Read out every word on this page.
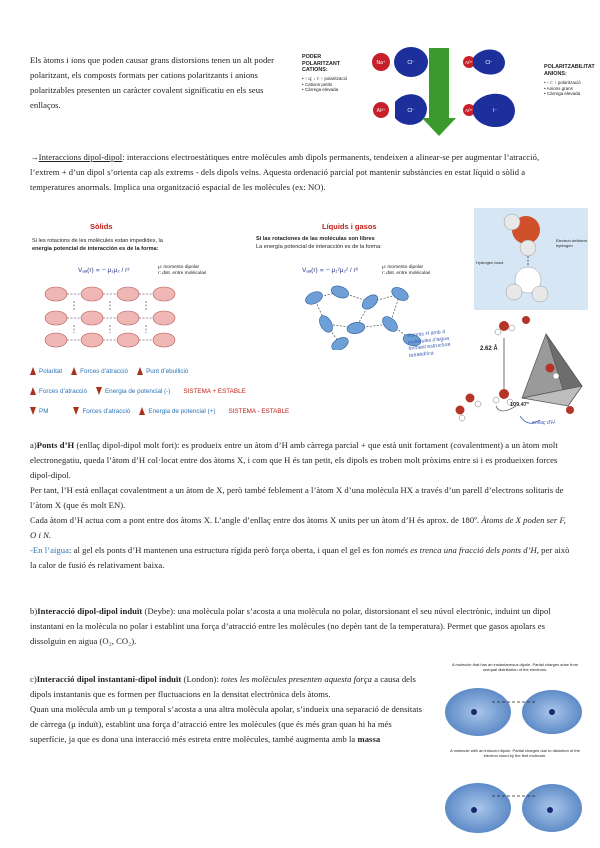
Els àtoms i ions que poden causar grans distorsions tenen un alt poder polaritzant, els composts formats per cations polaritzants i anions polaritzables presenten un caràcter covalent significatiu en els seus enllaços.

PODER POLARITZANT CATIONS:
• ↑ q; ↓ r: ↑ polarització
• Cations petits
• Càrrega elevada
Na⁺	Cl⁻
Al³⁺	Cl⁻
Al³⁺ Cl⁻
Al³⁺	I⁻
POLARITZABILITAT ANIONS:
• ↑ r: ↑ polarització
• Anions grans
• Càrrega elevada

→Interaccions dipol-dipol: interaccions electroestàtiques entre molècules amb dipols permanents, tendeixen a alinear-se per augmentar l’atracció, l’extrem + d’un dipol s’orienta cap als extrems - dels dipols veïns. Aquesta ordenació parcial pot mantenir substàncies en estat líquid o sòlid a temperatures anormals. Implica una organització espacial de les molècules (ex: NO).

Sòlids
Si les rotacions de les molècules estan impedides, la
energia potencial de interacción es de la forma:
Vₐₐ(r) ∝ − μ₁μ₂ / r³	μ: momento dipolar
r: dist. entre moléculas
Líquids i gasos
Si las rotaciones de las moléculas son libres
La energía potencial de interacción es de la forma:
Vₐₐ(r) ∝ − μ₁²μ₂² / r⁶	μ: momento dipolar
r: dist. entre moléculas
Polaritat	Forces d’atracció	Punt d’ebullició
Forces d’atracció	Energia de potencial (-) SISTEMA + ESTABLE
PM	Forces d’atracció	Energia de potencial (+) SISTEMA - ESTABLE
Electron-deficient hydrogen
Hydrogen bond
2.62 Å
109.47°
4 ponts H amb 4 molècules d’aigua formant estructura tetraèdrica
enllaç d’H
a)Ponts d’H (enllaç dipol-dipol molt fort): es produeix entre un àtom d’H amb càrrega parcial + que està unit fortament (covalentment) a un àtom molt electronegatiu, queda l’àtom d’H col·locat entre dos àtoms X, i com que H és tan petit, els dipols es troben molt pròxims entre si i es produeixen forces dipol-dipol.
Per tant, l’H està enllaçat covalentment a un àtom de X, però també feblement a l’àtom X d’una molècula HX a través d’un parell d’electrons solitaris de l’àtom X (que és molt EN).
Cada àtom d’H actua com a pont entre dos àtoms X. L’angle d’enllaç entre dos àtoms X units per un àtom d’H és aprox. de 180º. Àtoms de X poden ser F, O i N.
-En l’aigua: al gel els ponts d’H mantenen una estructura rígida però força oberta, i quan el gel es fon només es trenca una fracció dels ponts d’H, per això la calor de fusió és relativament baixa.

b)Interacció dipol-dipol induït (Deybe): una molècula polar s’acosta a una molècula no polar, distorsionant el seu núvol electrònic, induint un dipol instantani en la molècula no polar i establint una força d’atracció entre les molècules (no depèn tant de la temperatura). Permet que gasos apolars es dissolguin en aigua (O₂, CO₂).

c)Interacció dipol instantani-dipol induït (London): totes les molècules presenten aquesta força a causa dels dipols instantanis que es formen per fluctuacions en la densitat electrònica dels àtoms.
Quan una molècula amb un μ temporal s’acosta a una altra molècula apolar, s’indueix una separació de densitats de càrrega (μ induït), establint una força d’atracció entre les molècules (que és més gran quan hi ha més superfície, ja que es dona una interacció més estreta entre molècules, també augmenta amb la massa
A molecule that has an instantaneous dipole. Partial charges arise from unequal distribution of the electrons.
A molecule with an induced dipole. Partial charges due to distortion of the electron cloud by the first molecule.
